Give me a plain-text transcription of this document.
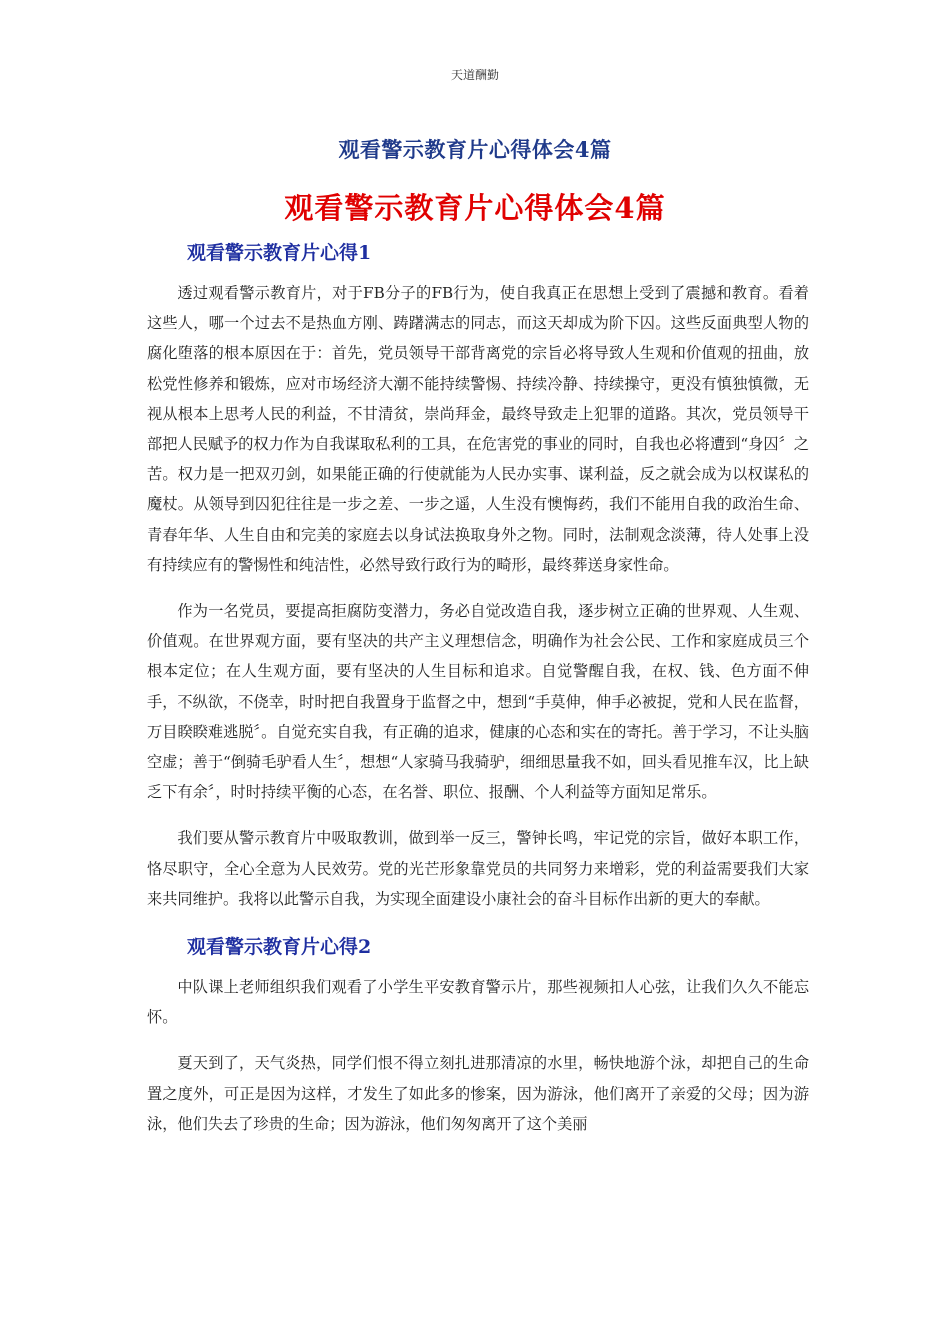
天道酬勤
观看警示教育片心得体会4篇
观看警示教育片心得体会4篇
观看警示教育片心得1

透过观看警示教育片，对于FB分子的FB行为，使自我真正在思想上受到了震撼和教育。看着这些人，哪一个过去不是热血方刚、踌躇满志的同志，而这天却成为阶下囚。这些反面典型人物的腐化堕落的根本原因在于：首先，党员领导干部背离党的宗旨必将导致人生观和价值观的扭曲，放松党性修养和锻炼，应对市场经济大潮不能持续警惕、持续冷静、持续操守，更没有慎独慎微，无视从根本上思考人民的利益，不甘清贫，崇尚拜金，最终导致走上犯罪的道路。其次，党员领导干部把人民赋予的权力作为自我谋取私利的工具，在危害党的事业的同时，自我也必将遭到“身囚〞之苦。权力是一把双刃剑，如果能正确的行使就能为人民办实事、谋利益，反之就会成为以权谋私的魔杖。从领导到囚犯往往是一步之差、一步之遥，人生没有懊悔药，我们不能用自我的政治生命、青春年华、人生自由和完美的家庭去以身试法换取身外之物。同时，法制观念淡薄，待人处事上没有持续应有的警惕性和纯洁性，必然导致行政行为的畸形，最终葬送身家性命。

作为一名党员，要提高拒腐防变潜力，务必自觉改造自我，逐步树立正确的世界观、人生观、价值观。在世界观方面，要有坚决的共产主义理想信念，明确作为社会公民、工作和家庭成员三个根本定位；在人生观方面，要有坚决的人生目标和追求。自觉警醒自我，在权、钱、色方面不伸手，不纵欲，不侥幸，时时把自我置身于监督之中，想到“手莫伸，伸手必被捉，党和人民在监督，万目睽睽难逃脱〞。自觉充实自我，有正确的追求，健康的心态和实在的寄托。善于学习，不让头脑空虚；善于“倒骑毛驴看人生〞，想想“人家骑马我骑驴，细细思量我不如，回头看见推车汉，比上缺乏下有余〞，时时持续平衡的心态，在名誉、职位、报酬、个人利益等方面知足常乐。

我们要从警示教育片中吸取教训，做到举一反三，警钟长鸣，牢记党的宗旨，做好本职工作，恪尽职守，全心全意为人民效劳。党的光芒形象靠党员的共同努力来增彩，党的利益需要我们大家来共同维护。我将以此警示自我，为实现全面建设小康社会的奋斗目标作出新的更大的奉献。

观看警示教育片心得2

中队课上老师组织我们观看了小学生平安教育警示片，那些视频扣人心弦，让我们久久不能忘怀。

夏天到了，天气炎热，同学们恨不得立刻扎进那清凉的水里，畅快地游个泳，却把自己的生命置之度外，可正是因为这样，才发生了如此多的惨案，因为游泳，他们离开了亲爱的父母；因为游泳，他们失去了珍贵的生命；因为游泳，他们匆匆离开了这个美丽
